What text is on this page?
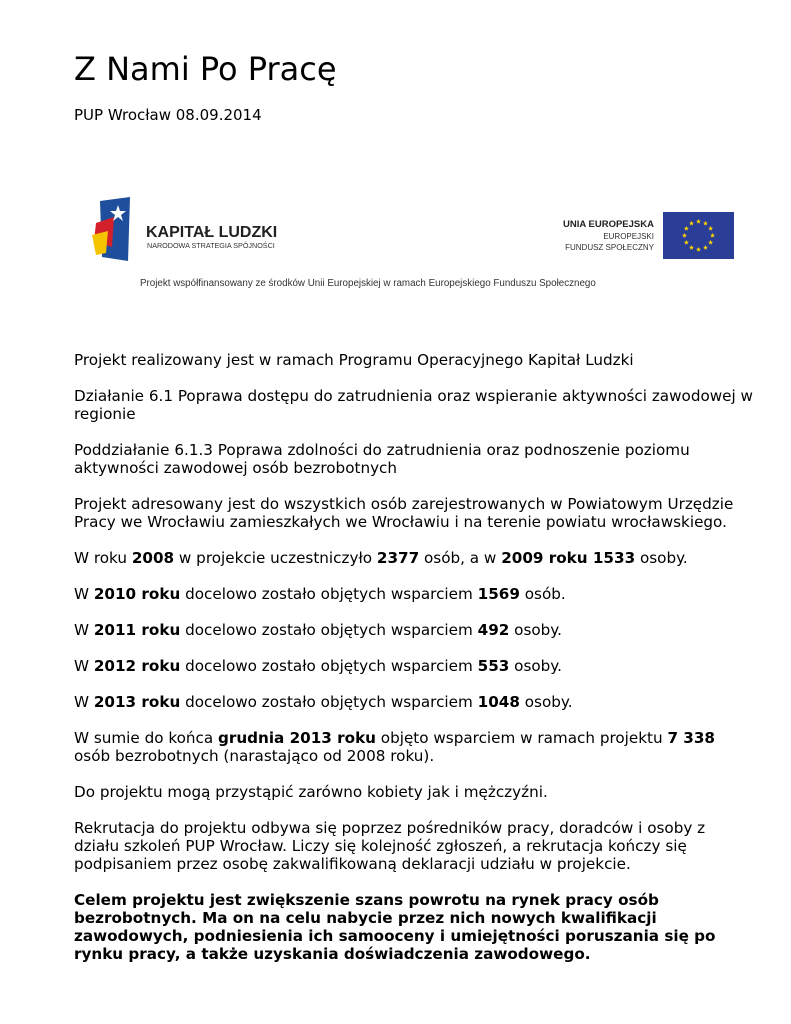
Z Nami Po Pracę
PUP Wrocław 08.09.2014
KAPITAŁ LUDZKI
NARODOWA STRATEGIA SPÓJNOŚCI
UNIA EUROPEJSKA
EUROPEJSKI
FUNDUSZ SPOŁECZNY
Projekt współfinansowany ze środków Unii Europejskiej w ramach Europejskiego Funduszu Społecznego

Projekt realizowany jest w ramach Programu Operacyjnego Kapitał Ludzki

Działanie 6.1 Poprawa dostępu do zatrudnienia oraz wspieranie aktywności zawodowej w regionie

Poddziałanie 6.1.3 Poprawa zdolności do zatrudnienia oraz podnoszenie poziomu aktywności zawodowej osób bezrobotnych

Projekt adresowany jest do wszystkich osób zarejestrowanych w Powiatowym Urzędzie Pracy we Wrocławiu zamieszkałych we Wrocławiu i na terenie powiatu wrocławskiego.

W roku 2008 w projekcie uczestniczyło 2377 osób, a w 2009 roku 1533 osoby.

W 2010 roku docelowo zostało objętych wsparciem 1569 osób.

W 2011 roku docelowo zostało objętych wsparciem 492 osoby.

W 2012 roku docelowo zostało objętych wsparciem 553 osoby.

W 2013 roku docelowo zostało objętych wsparciem 1048 osoby.

W sumie do końca grudnia 2013 roku objęto wsparciem w ramach projektu 7 338 osób bezrobotnych (narastająco od 2008 roku).

Do projektu mogą przystąpić zarówno kobiety jak i mężczyźni.

Rekrutacja do projektu odbywa się poprzez pośredników pracy, doradców i osoby z działu szkoleń PUP Wrocław. Liczy się kolejność zgłoszeń, a rekrutacja kończy się podpisaniem przez osobę zakwalifikowaną deklaracji udziału w projekcie.

Celem projektu jest zwiększenie szans powrotu na rynek pracy osób bezrobotnych. Ma on na celu nabycie przez nich nowych kwalifikacji zawodowych, podniesienia ich samooceny i umiejętności poruszania się po rynku pracy, a także uzyskania doświadczenia zawodowego.
